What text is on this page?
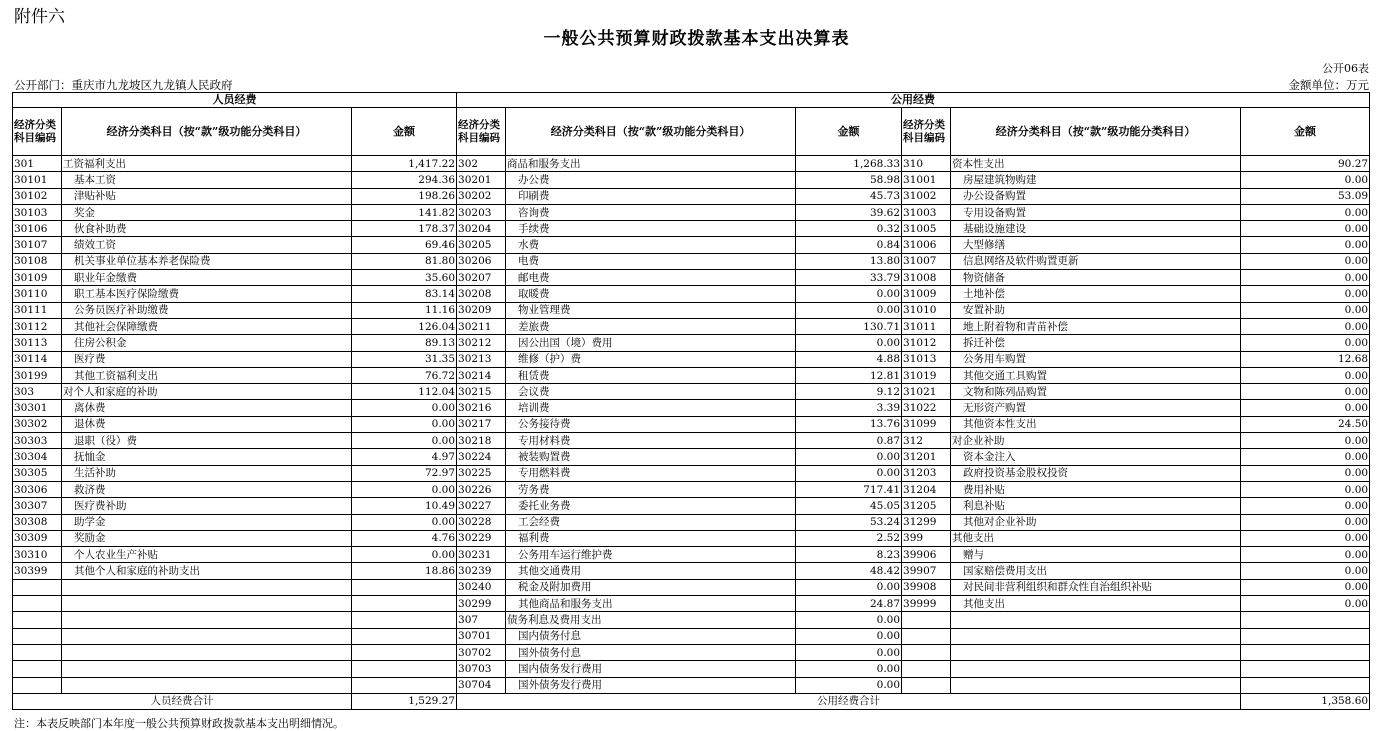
附件六
一般公共预算财政拨款基本支出决算表
公开06表
公开部门：重庆市九龙坡区九龙镇人民政府	金额单位：万元
人员经费			公用经费					
经济分类科目编码	经济分类科目（按“款”级功能分类科目）	金额	经济分类科目编码	经济分类科目（按“款”级功能分类科目）	金额	经济分类科目编码	经济分类科目（按“款”级功能分类科目）	金额
301	工资福利支出	1,417.22	302	商品和服务支出	1,268.33	310	资本性支出	90.27
30101	基本工资	294.36	30201	办公费	58.98	31001	房屋建筑物购建	0.00
30102	津贴补贴	198.26	30202	印刷费	45.73	31002	办公设备购置	53.09
30103	奖金	141.82	30203	咨询费	39.62	31003	专用设备购置	0.00
30106	伙食补助费	178.37	30204	手续费	0.32	31005	基础设施建设	0.00
30107	绩效工资	69.46	30205	水费	0.84	31006	大型修缮	0.00
30108	机关事业单位基本养老保险费	81.80	30206	电费	13.80	31007	信息网络及软件购置更新	0.00
30109	职业年金缴费	35.60	30207	邮电费	33.79	31008	物资储备	0.00
30110	职工基本医疗保险缴费	83.14	30208	取暖费	0.00	31009	土地补偿	0.00
30111	公务员医疗补助缴费	11.16	30209	物业管理费	0.00	31010	安置补助	0.00
30112	其他社会保障缴费	126.04	30211	差旅费	130.71	31011	地上附着物和青苗补偿	0.00
30113	住房公积金	89.13	30212	因公出国（境）费用	0.00	31012	拆迁补偿	0.00
30114	医疗费	31.35	30213	维修（护）费	4.88	31013	公务用车购置	12.68
30199	其他工资福利支出	76.72	30214	租赁费	12.81	31019	其他交通工具购置	0.00
303	对个人和家庭的补助	112.04	30215	会议费	9.12	31021	文物和陈列品购置	0.00
30301	离休费	0.00	30216	培训费	3.39	31022	无形资产购置	0.00
30302	退休费	0.00	30217	公务接待费	13.76	31099	其他资本性支出	24.50
30303	退职（役）费	0.00	30218	专用材料费	0.87	312	对企业补助	0.00
30304	抚恤金	4.97	30224	被装购置费	0.00	31201	资本金注入	0.00
30305	生活补助	72.97	30225	专用燃料费	0.00	31203	政府投资基金股权投资	0.00
30306	救济费	0.00	30226	劳务费	717.41	31204	费用补贴	0.00
30307	医疗费补助	10.49	30227	委托业务费	45.05	31205	利息补贴	0.00
30308	助学金	0.00	30228	工会经费	53.24	31299	其他对企业补助	0.00
30309	奖励金	4.76	30229	福利费	2.52	399	其他支出	0.00
30310	个人农业生产补贴	0.00	30231	公务用车运行维护费	8.23	39906	赠与	0.00
30399	其他个人和家庭的补助支出	18.86	30239	其他交通费用	48.42	39907	国家赔偿费用支出	0.00
			30240	税金及附加费用	0.00	39908	对民间非营利组织和群众性自治组织补贴	0.00
			30299	其他商品和服务支出	24.87	39999	其他支出	0.00
			307	债务利息及费用支出	0.00			
			30701	国内债务付息	0.00			
			30702	国外债务付息	0.00			
			30703	国内债务发行费用	0.00			
			30704	国外债务发行费用	0.00			
人员经费合计		1,529.27	公用经费合计					1,358.60
注：本表反映部门本年度一般公共预算财政拨款基本支出明细情况。
